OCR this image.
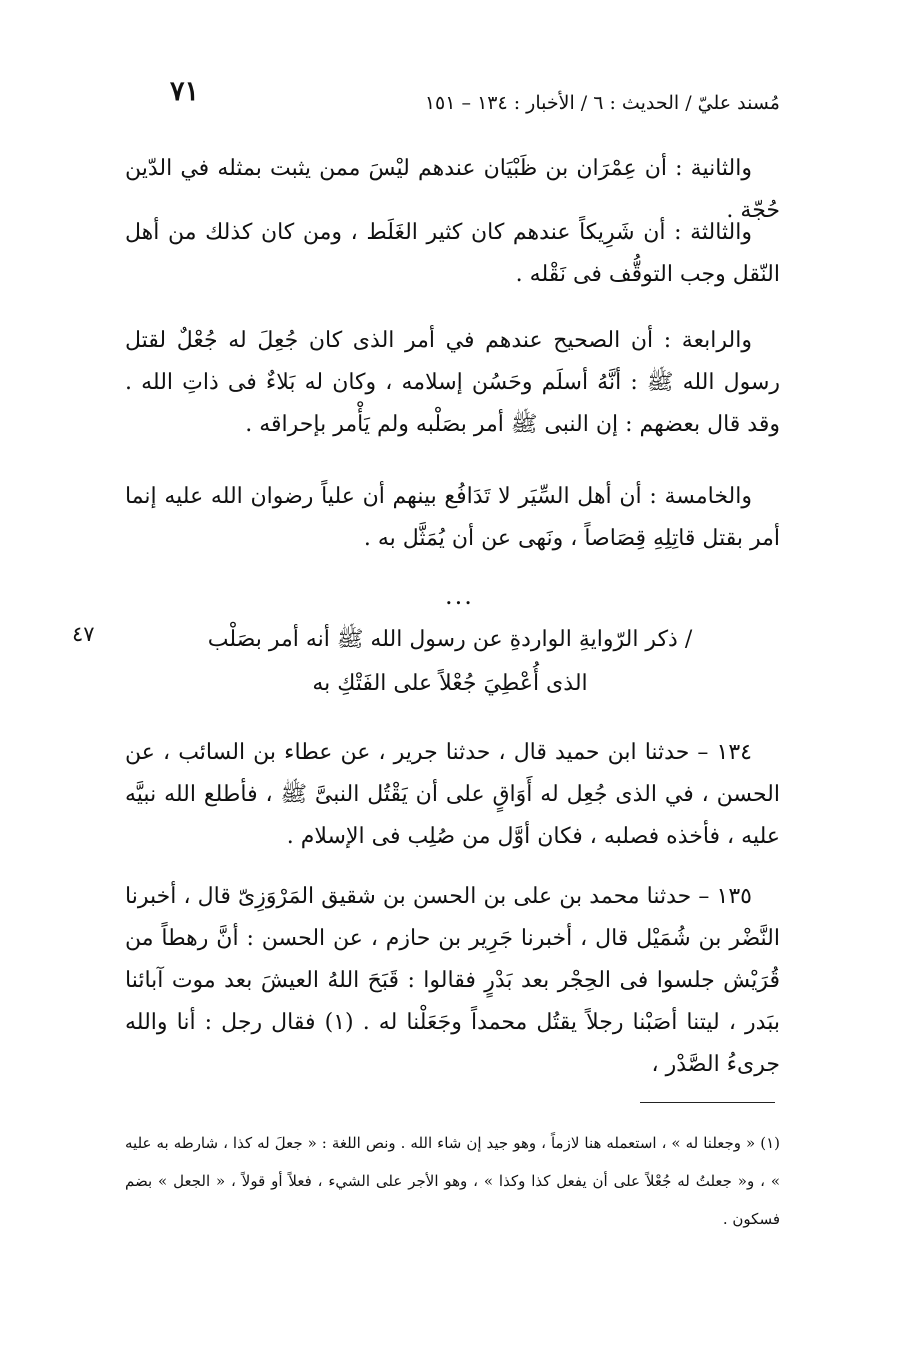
٧١	مُسند عليّ / الحديث : ٦ / الأخبار : ١٣٤ – ١٥١

والثانية : أن عِمْرَان بن ظَبْيَان عندهم ليْسَ ممن يثبت بمثله في الدّين حُجّة .

والثالثة : أن شَرِيكاً عندهم كان كثير الغَلَط ، ومن كان كذلك من أهل النّقل وجب التوقُّف فى نَقْله .

والرابعة : أن الصحيح عندهم في أمر الذى كان جُعِلَ له جُعْلٌ لقتل رسول الله ﷺ : أنَّهُ أسلَم وحَسُن إسلامه ، وكان له بَلاءٌ فى ذاتِ الله . وقد قال بعضهم : إن النبى ﷺ أمر بصَلْبه ولم يَأْمر بإحراقه .

والخامسة : أن أهل السِّيَر لا تَدَافُع بينهم أن علياً رضوان الله عليه إنما أمر بقتل قاتِلِهِ قِصَاصاً ، ونَهى عن أن يُمَثَّل به .

...
٤٧	/ ذكر الرّوايةِ الواردةِ عن رسول الله ﷺ أنه أمر بصَلْب
الذى أُعْطِيَ جُعْلاً على الفَتْكِ به

١٣٤ – حدثنا ابن حميد قال ، حدثنا جرير ، عن عطاء بن السائب ، عن الحسن ، في الذى جُعِل له أَوَاقٍ على أن يَقْتُل النبىَّ ﷺ ، فأطلع الله نبيَّه عليه ، فأخذه فصلبه ، فكان أوَّل من صُلِب فى الإسلام .

١٣٥ – حدثنا محمد بن على بن الحسن بن شقيق المَرْوَزِىّ قال ، أخبرنا النَّضْر بن شُمَيْل قال ، أخبرنا جَرِير بن حازم ، عن الحسن : أنَّ رهطاً من قُرَيْش جلسوا فى الحِجْر بعد بَدْرٍ فقالوا : قَبَحَ اللهُ العيشَ بعد موت آبائنا ببَدر ، ليتنا أصَبْنا رجلاً يقتُل محمداً وجَعَلْنا له . (١) فقال رجل : أنا والله جرىءُ الصَّدْر ،

(١) « وجعلنا له » ، استعمله هنا لازماً ، وهو جيد إن شاء الله . ونص اللغة : « جعلَ له كذا ، شارطه به عليه » ، و« جعلتُ له جُعْلاً على أن يفعل كذا وكذا » ، وهو الأجر على الشيء ، فعلاً أو قولاً ، « الجعل » بضم فسكون .
